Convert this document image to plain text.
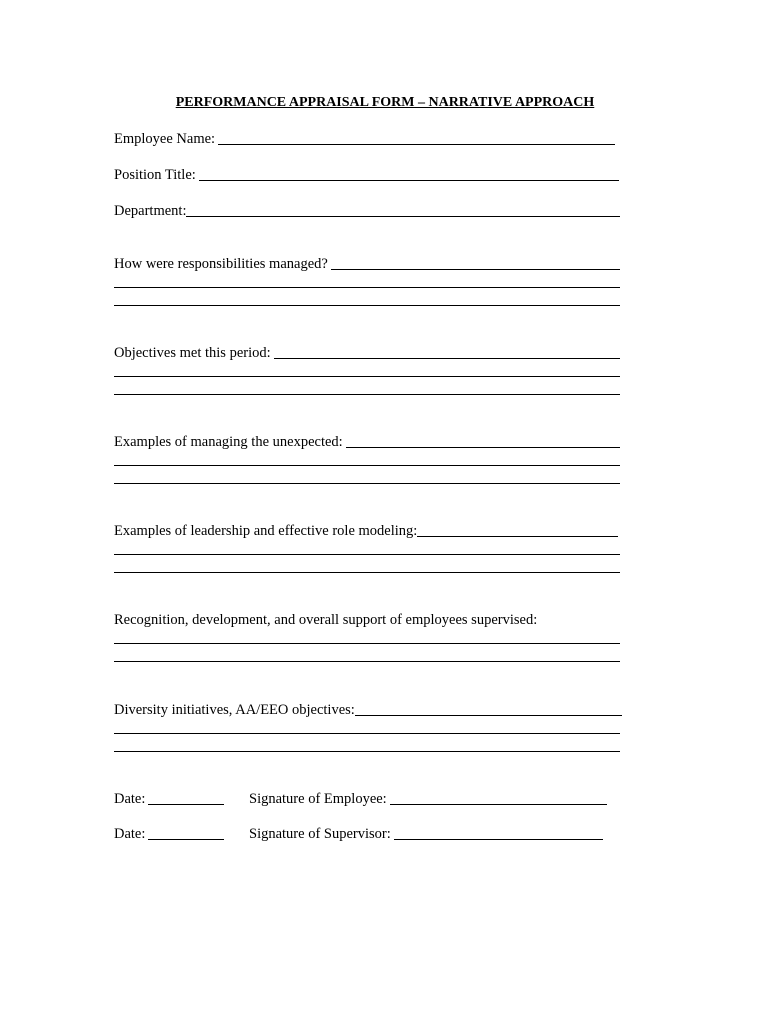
PERFORMANCE APPRAISAL FORM – NARRATIVE APPROACH
Employee Name:
Position Title:
Department:
How were responsibilities managed?
Objectives met this period:
Examples of managing the unexpected:
Examples of leadership and effective role modeling:
Recognition, development, and overall support of employees supervised:
Diversity initiatives, AA/EEO objectives:
Date:	Signature of Employee:
Date:	Signature of Supervisor:
